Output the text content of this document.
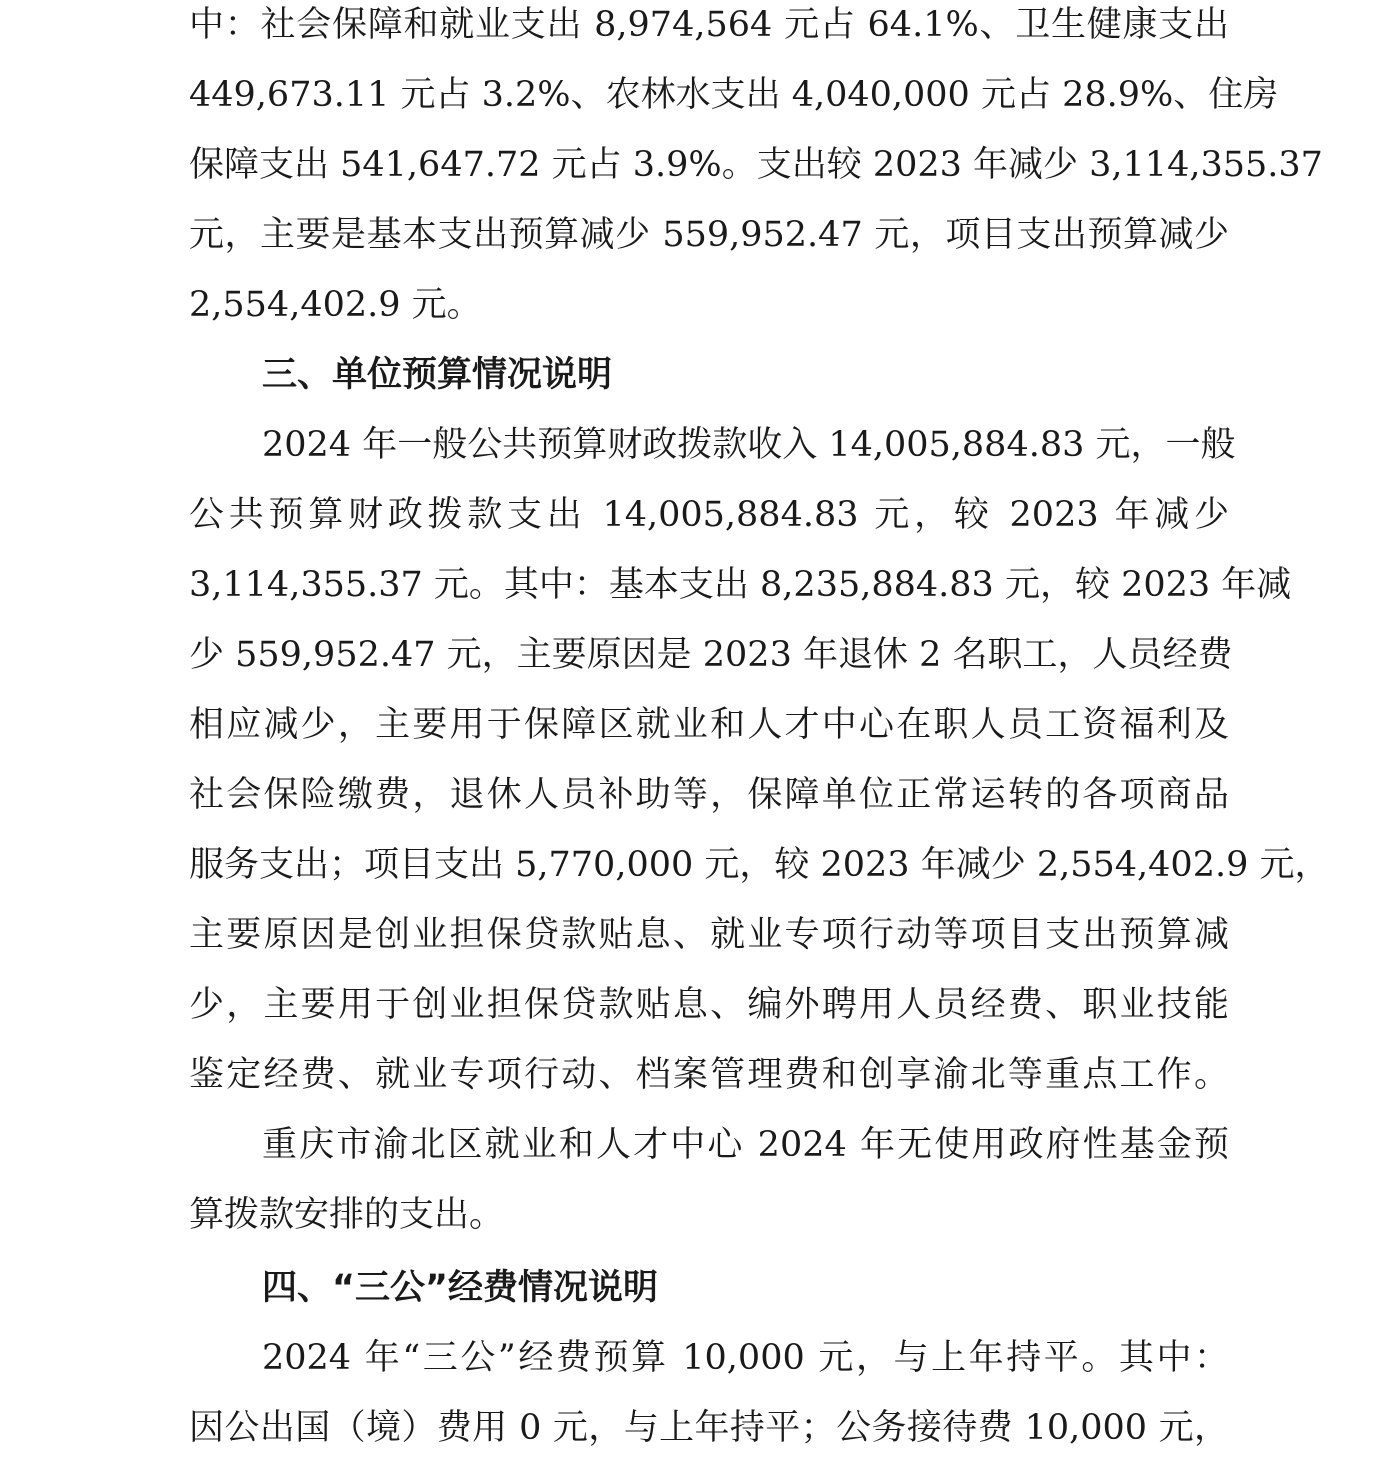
中：社会保障和就业支出 8,974,564 元占 64.1%、卫生健康支出
449,673.11 元占 3.2%、农林水支出 4,040,000 元占 28.9%、住房
保障支出 541,647.72 元占 3.9%。支出较 2023 年减少 3,114,355.37
元，主要是基本支出预算减少 559,952.47 元，项目支出预算减少
2,554,402.9 元。
三、单位预算情况说明
2024 年一般公共预算财政拨款收入 14,005,884.83 元，一般
公共预算财政拨款支出 14,005,884.83 元，较 2023 年减少
3,114,355.37 元。其中：基本支出 8,235,884.83 元，较 2023 年减
少 559,952.47 元，主要原因是 2023 年退休 2 名职工，人员经费
相应减少，主要用于保障区就业和人才中心在职人员工资福利及
社会保险缴费，退休人员补助等，保障单位正常运转的各项商品
服务支出；项目支出 5,770,000 元，较 2023 年减少 2,554,402.9 元，
主要原因是创业担保贷款贴息、就业专项行动等项目支出预算减
少，主要用于创业担保贷款贴息、编外聘用人员经费、职业技能
鉴定经费、就业专项行动、档案管理费和创享渝北等重点工作。
重庆市渝北区就业和人才中心 2024 年无使用政府性基金预
算拨款安排的支出。
四、“三公”经费情况说明
2024 年“三公”经费预算 10,000 元，与上年持平。其中：
因公出国（境）费用 0 元，与上年持平；公务接待费 10,000 元，
